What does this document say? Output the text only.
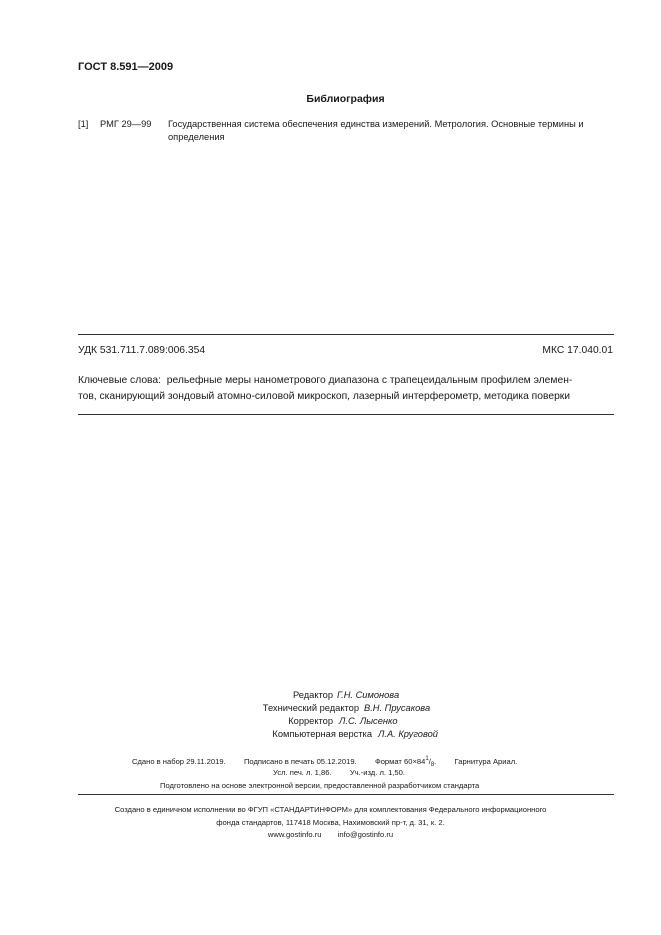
ГОСТ 8.591—2009
Библиография
[1] РМГ 29—99 Государственная система обеспечения единства измерений. Метрология. Основные термины и
определения
УДК 531.711.7.089:006.354	МКС 17.040.01
Ключевые слова: рельефные меры нанометрового диапазона с трапецеидальным профилем элемен-
тов, сканирующий зондовый атомно-силовой микроскоп, лазерный интерферометр, методика поверки
Редактор Г.Н. Симонова
Технический редактор В.Н. Прусакова
Корректор Л.С. Лысенко
Компьютерная верстка Л.А. Круговой
Сдано в набор 29.11.2019. Подписано в печать 05.12.2019. Формат $60\times 84^1/_8$. Гарнитура Ариал.
Усл. печ. л. 1,86. Уч.-изд. л. 1,50.
Подготовлено на основе электронной версии, предоставленной разработчиком стандарта
Создано в единичном исполнении во ФГУП «СТАНДАРТИНФОРМ» для комплектования Федерального информационного
фонда стандартов, 117418 Москва, Нахимовский пр-т, д. 31, к. 2.
www.gostinfo.ru info@gostinfo.ru
